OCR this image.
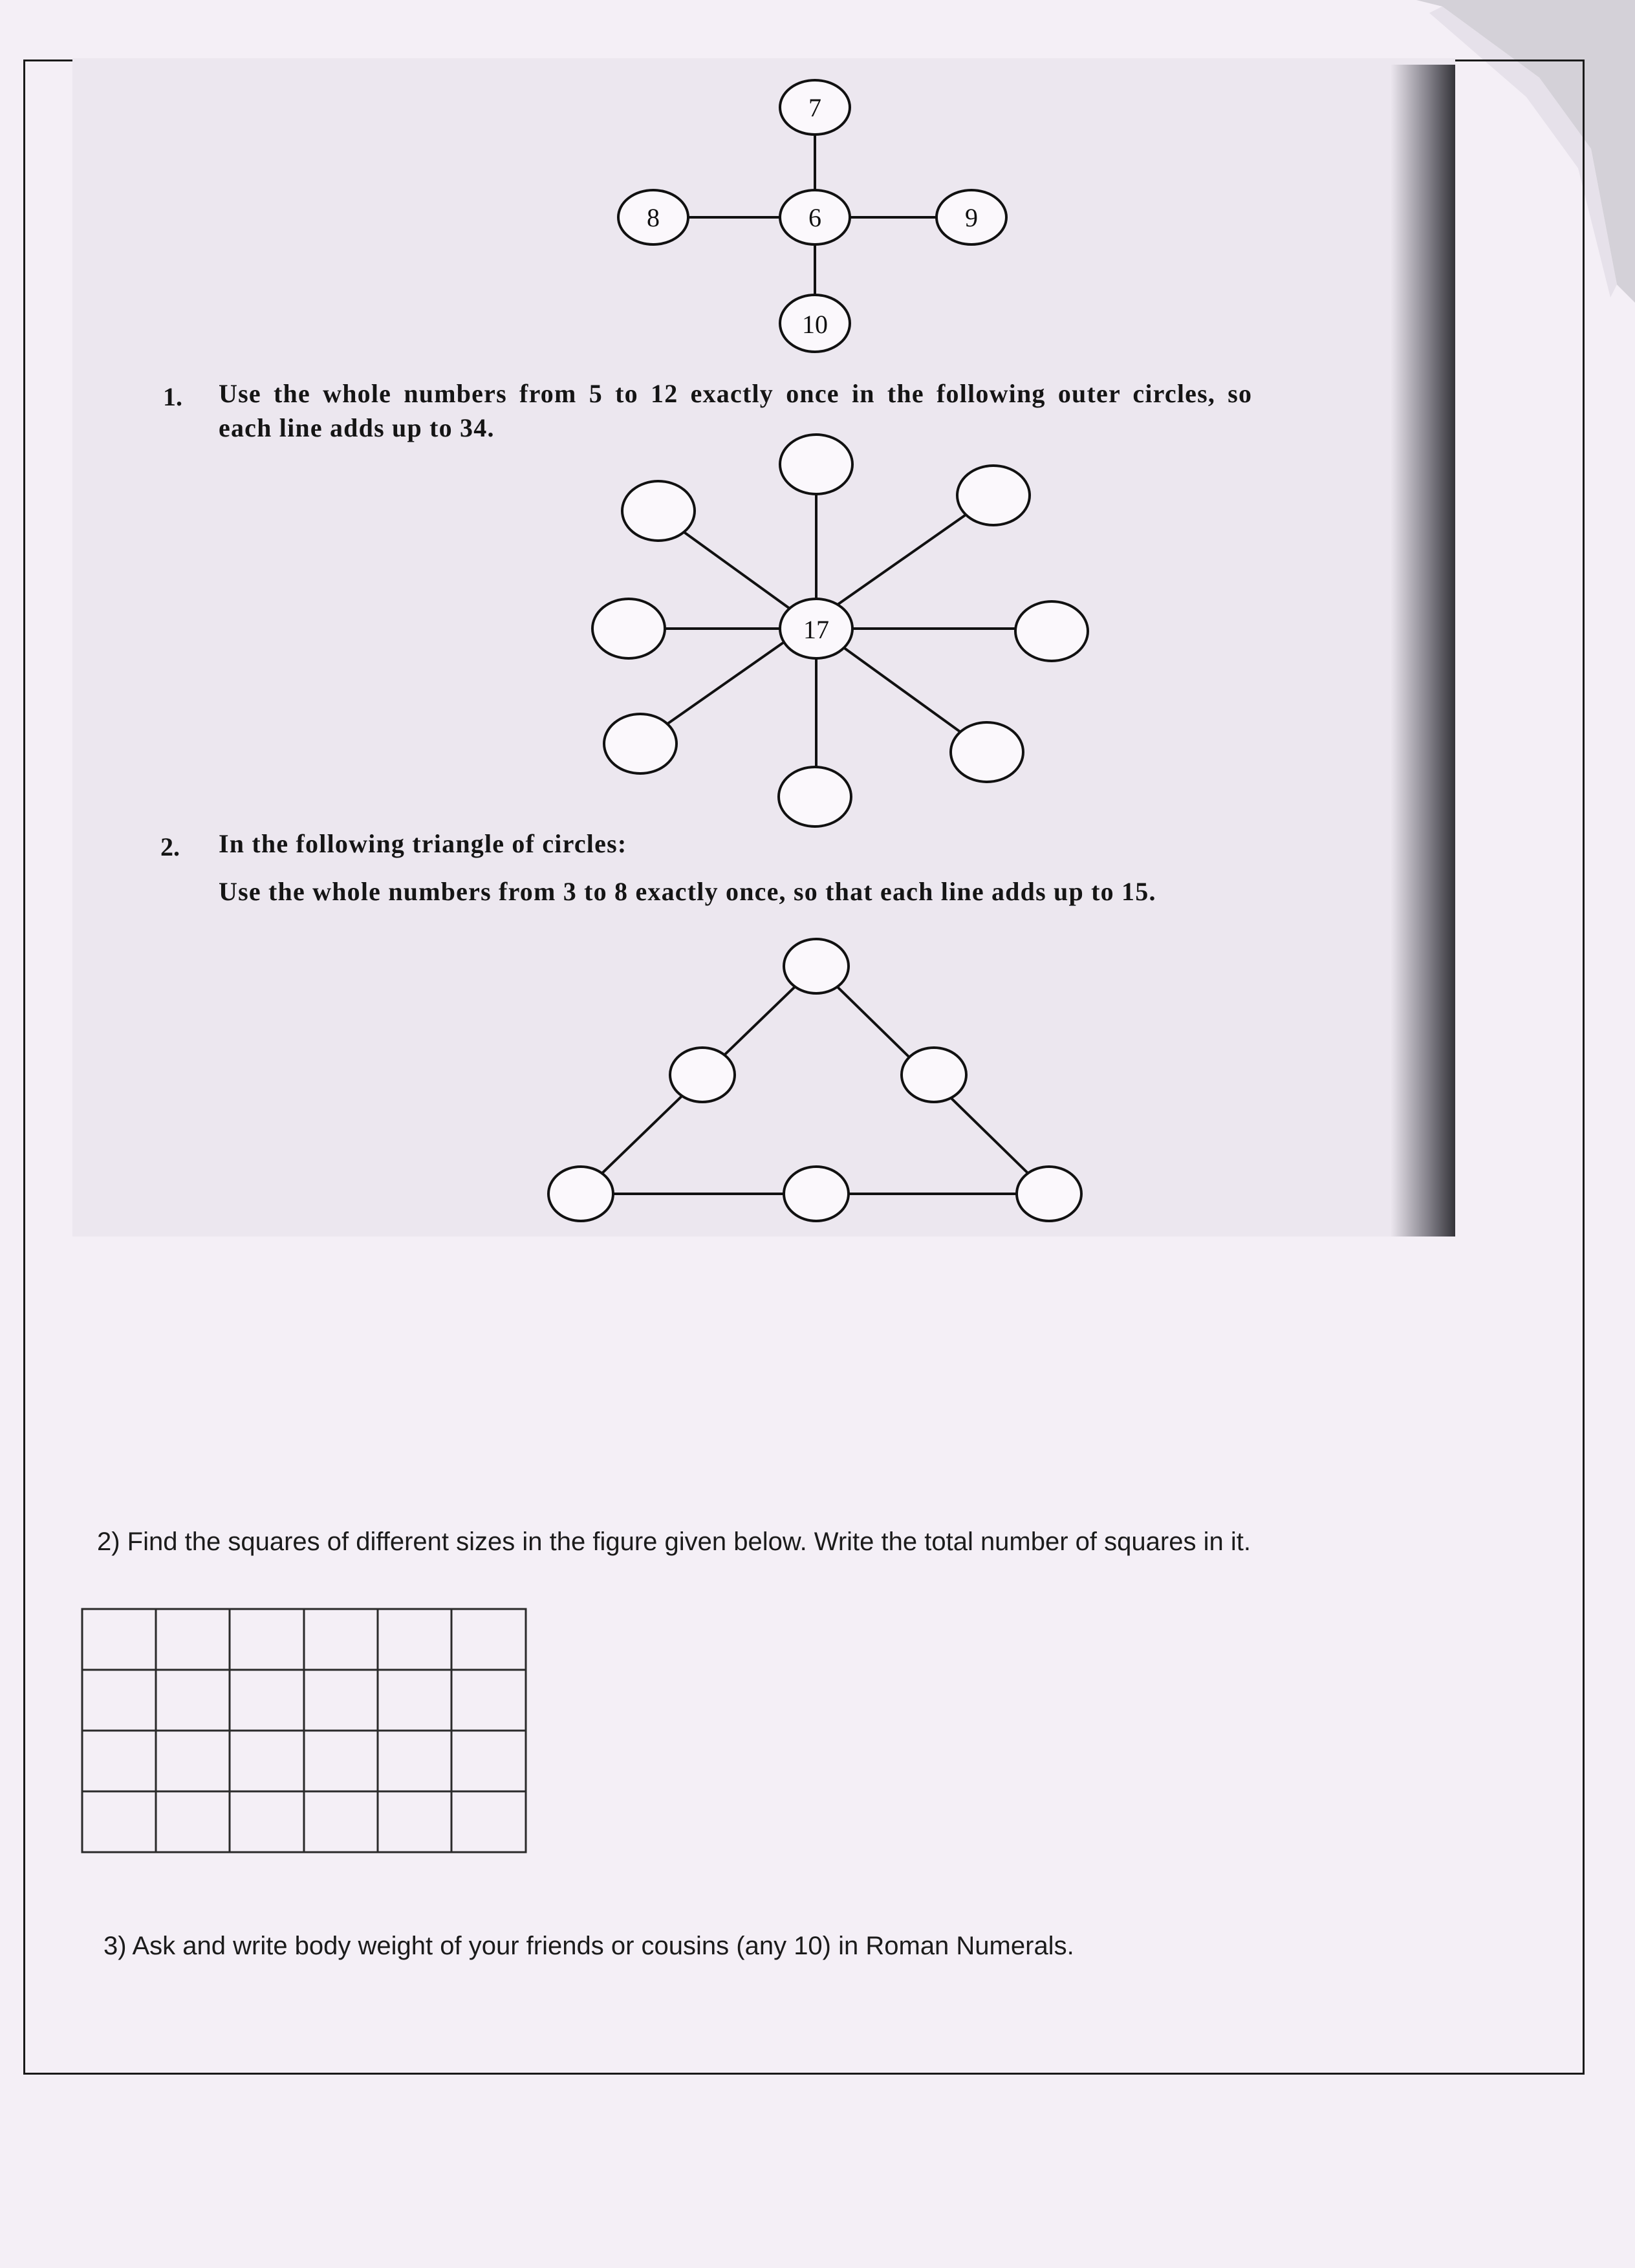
7
6
8	9
10
17
1. Use the whole numbers from 5 to 12 exactly once in the following outer circles, so
each line adds up to 34.
2. In the following triangle of circles:
Use the whole numbers from 3 to 8 exactly once, so that each line adds up to 15.
2) Find the squares of different sizes in the figure given below. Write the total number of squares in it.
3) Ask and write body weight of your friends or cousins (any 10) in Roman Numerals.
